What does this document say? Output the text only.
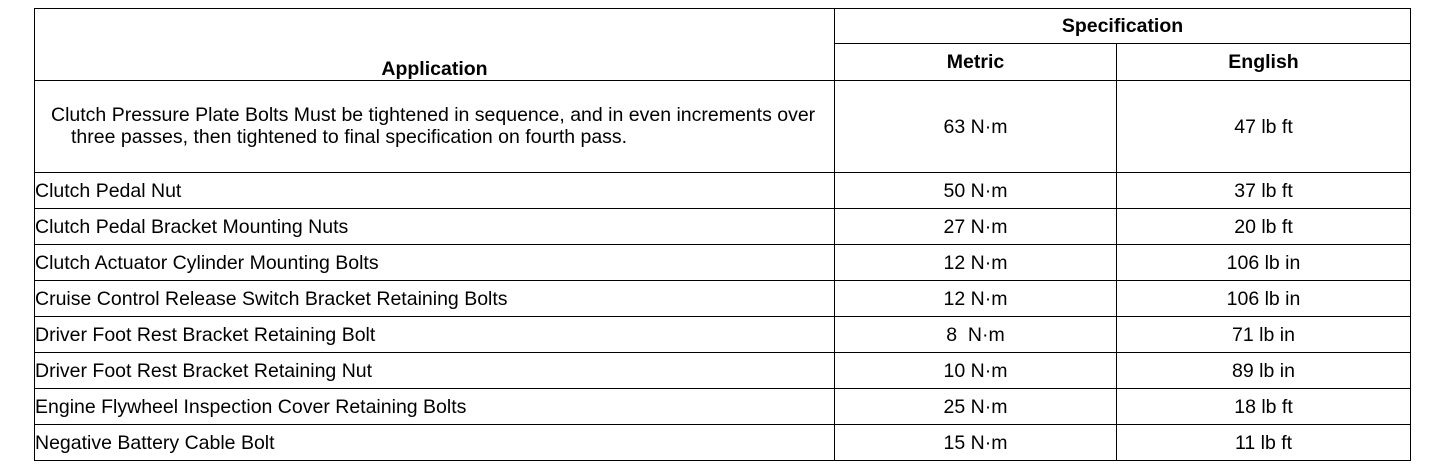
Application	Specification	
	Metric	English
Clutch Pressure Plate Bolts Must be tightened in sequence, and in even increments over three passes, then tightened to final specification on fourth pass.	63 N·m	47 lb ft
Clutch Pedal Nut	50 N·m	37 lb ft
Clutch Pedal Bracket Mounting Nuts	27 N·m	20 lb ft
Clutch Actuator Cylinder Mounting Bolts	12 N·m	106 lb in
Cruise Control Release Switch Bracket Retaining Bolts	12 N·m	106 lb in
Driver Foot Rest Bracket Retaining Bolt	8  N·m	71 lb in
Driver Foot Rest Bracket Retaining Nut	10 N·m	89 lb in
Engine Flywheel Inspection Cover Retaining Bolts	25 N·m	18 lb ft
Negative Battery Cable Bolt	15 N·m	11 lb ft
